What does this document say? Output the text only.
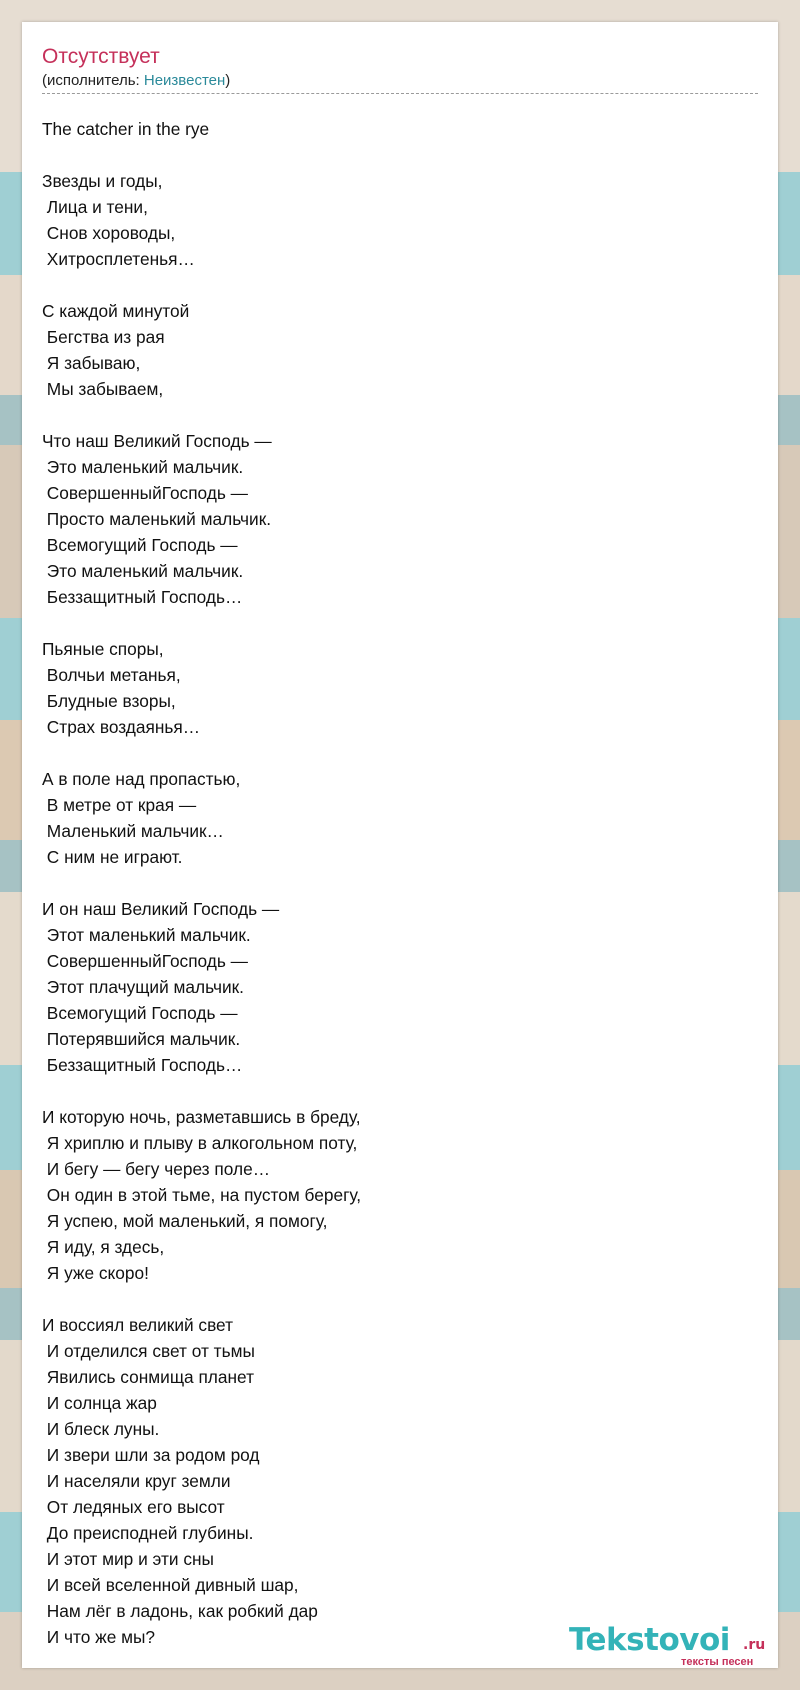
Отсутствует
(исполнитель: Неизвестен)
The catcher in the rye
Звезды и годы,
Лица и тени,
Снов хороводы,
Хитросплетенья…
С каждой минутой
Бегства из рая
Я забываю,
Мы забываем,
Что наш Великий Господь —
Это маленький мальчик.
СовершенныйГосподь —
Просто маленький мальчик.
Всемогущий Господь —
Это маленький мальчик.
Беззащитный Господь…
Пьяные споры,
Волчьи метанья,
Блудные взоры,
Страх воздаянья…
А в поле над пропастью,
В метре от края —
Маленький мальчик…
С ним не играют.
И он наш Великий Господь —
Этот маленький мальчик.
СовершенныйГосподь —
Этот плачущий мальчик.
Всемогущий Господь —
Потерявшийся мальчик.
Беззащитный Господь…
И которую ночь, разметавшись в бреду,
Я хриплю и плыву в алкогольном поту,
И бегу — бегу через поле…
Он один в этой тьме, на пустом берегу,
Я успею, мой маленький, я помогу,
Я иду, я здесь,
Я уже скоро!
И воссиял великий свет
И отделился свет от тьмы
Явились сонмища планет
И солнца жар
И блеск луны.
И звери шли за родом род
И населяли круг земли
От ледяных его высот
До преисподней глубины.
И этот мир и эти сны
И всей вселенной дивный шар,
Нам лёг в ладонь, как робкий дар
И что же мы?	Tekstovoi .ru
тексты песен
